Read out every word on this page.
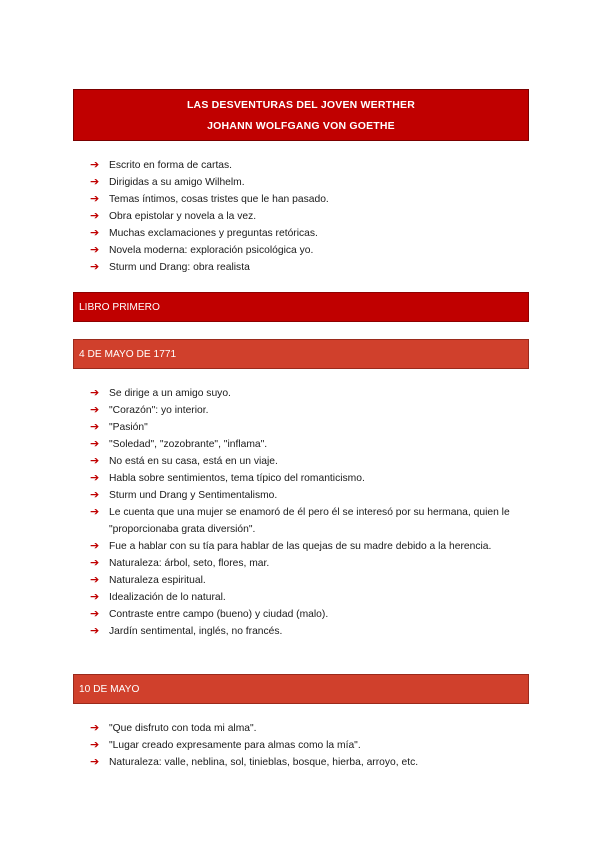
LAS DESVENTURAS DEL JOVEN WERTHER
JOHANN WOLFGANG VON GOETHE
➔ Escrito en forma de cartas.
➔ Dirigidas a su amigo Wilhelm.
➔ Temas íntimos, cosas tristes que le han pasado.
➔ Obra epistolar y novela a la vez.
➔ Muchas exclamaciones y preguntas retóricas.
➔ Novela moderna: exploración psicológica yo.
➔ Sturm und Drang: obra realista
LIBRO PRIMERO
4 DE MAYO DE 1771
➔ Se dirige a un amigo suyo.
➔ "Corazón": yo interior.
➔ "Pasión"
➔ "Soledad", "zozobrante", "inflama".
➔ No está en su casa, está en un viaje.
➔ Habla sobre sentimientos, tema típico del romanticismo.
➔ Sturm und Drang y Sentimentalismo.
➔ Le cuenta que una mujer se enamoró de él pero él se interesó por su hermana, quien le "proporcionaba grata diversión".
➔ Fue a hablar con su tía para hablar de las quejas de su madre debido a la herencia.
➔ Naturaleza: árbol, seto, flores, mar.
➔ Naturaleza espiritual.
➔ Idealización de lo natural.
➔ Contraste entre campo (bueno) y ciudad (malo).
➔ Jardín sentimental, inglés, no francés.
10 DE MAYO
➔ "Que disfruto con toda mi alma".
➔ "Lugar creado expresamente para almas como la mía".
➔ Naturaleza: valle, neblina, sol, tinieblas, bosque, hierba, arroyo, etc.
